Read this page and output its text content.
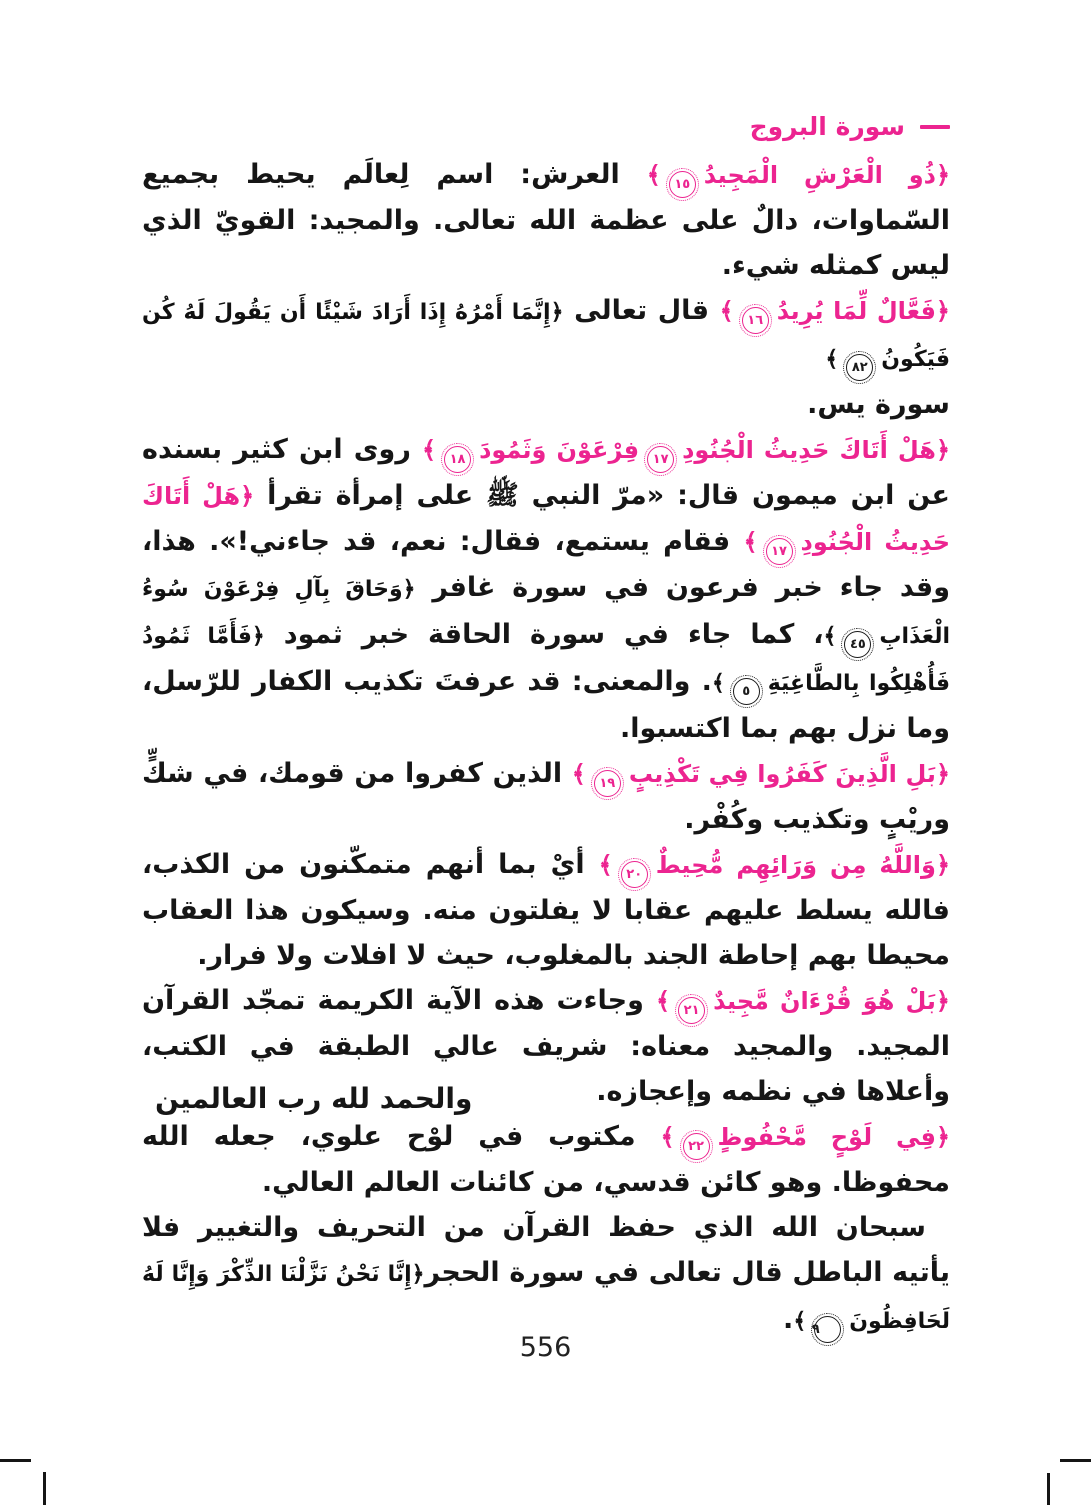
سورة البروج

﴿ذُو الْعَرْشِ الْمَجِيدُ١٥﴾ العرش: اسم لِعالَم يحيط بجميع السّماوات، دالٌ على عظمة الله تعالى. والمجيد: القويّ الذي ليس كمثله شيء.

﴿فَعَّالٌ لِّمَا يُرِيدُ١٦﴾ قال تعالى ﴿إِنَّمَا أَمْرُهُ إِذَا أَرَادَ شَيْئًا أَن يَقُولَ لَهُ كُن فَيَكُونُ٨٢﴾

سورة يس.

﴿هَلْ أَتَاكَ حَدِيثُ الْجُنُودِ١٧فِرْعَوْنَ وَثَمُودَ١٨﴾ روى ابن كثير بسنده عن ابن ميمون قال: «مرّ النبي ﷺ على إمرأة تقرأ ﴿هَلْ أَتَاكَ حَدِيثُ الْجُنُودِ١٧﴾ فقام يستمع، فقال: نعم، قد جاءني!». هذا، وقد جاء خبر فرعون في سورة غافر ﴿وَحَاقَ بِآلِ فِرْعَوْنَ سُوءُ الْعَذَابِ٤٥﴾، كما جاء في سورة الحاقة خبر ثمود ﴿فَأَمَّا ثَمُودُ فَأُهْلِكُوا بِالطَّاغِيَةِ٥﴾. والمعنى: قد عرفتَ تكذيب الكفار للرّسل، وما نزل بهم بما اكتسبوا.

﴿بَلِ الَّذِينَ كَفَرُوا فِي تَكْذِيبٍ١٩﴾ الذين كفروا من قومك، في شكٍّ وريْبٍ وتكذيب وكُفْر.

﴿وَاللَّهُ مِن وَرَائِهِم مُّحِيطٌ٢٠﴾ أيْ بما أنهم متمكّنون من الكذب، فالله يسلط عليهم عقابا لا يفلتون منه. وسيكون هذا العقاب محيطا بهم إحاطة الجند بالمغلوب، حيث لا افلات ولا فرار.

﴿بَلْ هُوَ قُرْءَانٌ مَّجِيدٌ٢١﴾ وجاءت هذه الآية الكريمة تمجّد القرآن المجيد. والمجيد معناه: شريف عالي الطبقة في الكتب، وأعلاها في نظمه وإعجازه.

﴿فِي لَوْحٍ مَّحْفُوظٍ٢٢﴾ مكتوب في لوْح علوي، جعله الله محفوظا. وهو كائن قدسي، من كائنات العالم العالي.

سبحان الله الذي حفظ القرآن من التحريف والتغيير فلا يأتيه الباطل قال تعالى في سورة الحجر﴿إِنَّا نَحْنُ نَزَّلْنَا الذِّكْرَ وَإِنَّا لَهُ لَحَافِظُونَ٩﴾.

والحمد لله رب العالمين
556
